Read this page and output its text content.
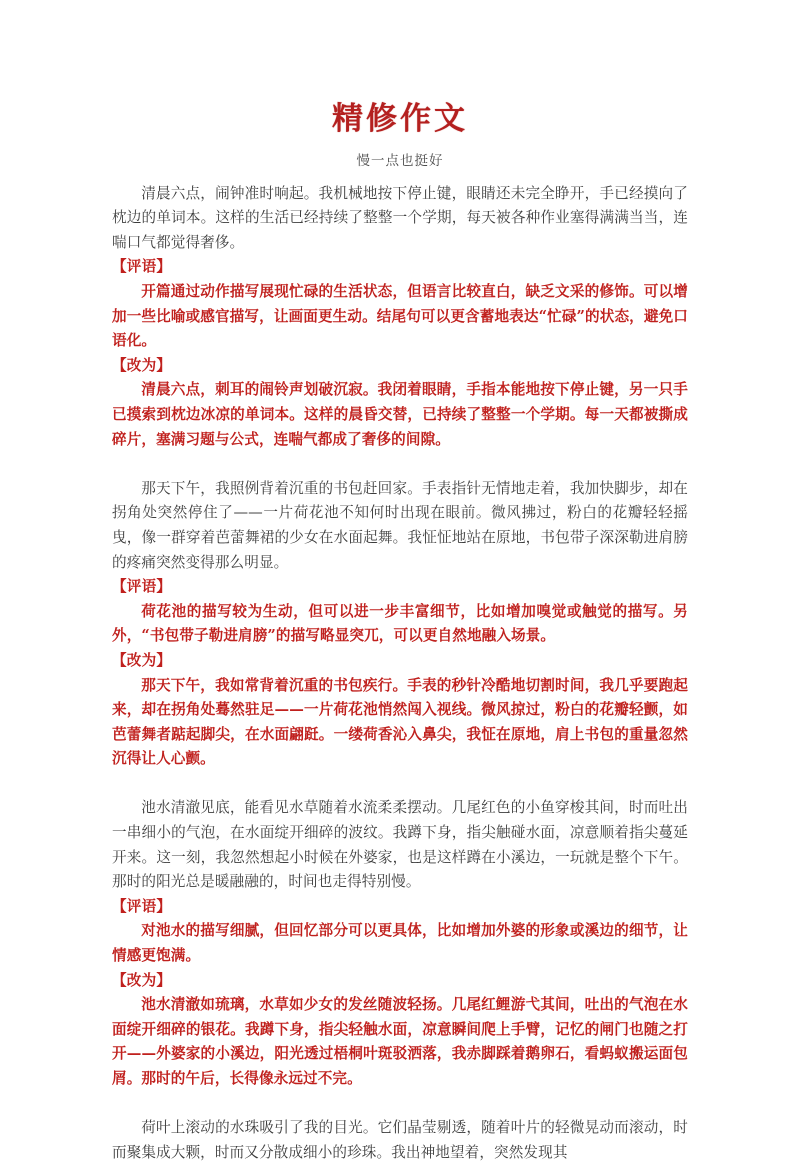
精修作文
慢一点也挺好

清晨六点，闹钟准时响起。我机械地按下停止键，眼睛还未完全睁开，手已经摸向了枕边的单词本。这样的生活已经持续了整整一个学期，每天被各种作业塞得满满当当，连喘口气都觉得奢侈。

【评语】

开篇通过动作描写展现忙碌的生活状态，但语言比较直白，缺乏文采的修饰。可以增加一些比喻或感官描写，让画面更生动。结尾句可以更含蓄地表达“忙碌”的状态，避免口语化。

【改为】

清晨六点，刺耳的闹铃声划破沉寂。我闭着眼睛，手指本能地按下停止键，另一只手已摸索到枕边冰凉的单词本。这样的晨昏交替，已持续了整整一个学期。每一天都被撕成碎片，塞满习题与公式，连喘气都成了奢侈的间隙。

那天下午，我照例背着沉重的书包赶回家。手表指针无情地走着，我加快脚步，却在拐角处突然停住了——一片荷花池不知何时出现在眼前。微风拂过，粉白的花瓣轻轻摇曳，像一群穿着芭蕾舞裙的少女在水面起舞。我怔怔地站在原地，书包带子深深勒进肩膀的疼痛突然变得那么明显。

【评语】

荷花池的描写较为生动，但可以进一步丰富细节，比如增加嗅觉或触觉的描写。另外，“书包带子勒进肩膀”的描写略显突兀，可以更自然地融入场景。

【改为】

那天下午，我如常背着沉重的书包疾行。手表的秒针冷酷地切割时间，我几乎要跑起来，却在拐角处蓦然驻足——一片荷花池悄然闯入视线。微风掠过，粉白的花瓣轻颤，如芭蕾舞者踮起脚尖，在水面翩跹。一缕荷香沁入鼻尖，我怔在原地，肩上书包的重量忽然沉得让人心颤。

池水清澈见底，能看见水草随着水流柔柔摆动。几尾红色的小鱼穿梭其间，时而吐出一串细小的气泡，在水面绽开细碎的波纹。我蹲下身，指尖触碰水面，凉意顺着指尖蔓延开来。这一刻，我忽然想起小时候在外婆家，也是这样蹲在小溪边，一玩就是整个下午。那时的阳光总是暖融融的，时间也走得特别慢。

【评语】

对池水的描写细腻，但回忆部分可以更具体，比如增加外婆的形象或溪边的细节，让情感更饱满。

【改为】

池水清澈如琉璃，水草如少女的发丝随波轻扬。几尾红鲤游弋其间，吐出的气泡在水面绽开细碎的银花。我蹲下身，指尖轻触水面，凉意瞬间爬上手臂，记忆的闸门也随之打开——外婆家的小溪边，阳光透过梧桐叶斑驳洒落，我赤脚踩着鹅卵石，看蚂蚁搬运面包屑。那时的午后，长得像永远过不完。

荷叶上滚动的水珠吸引了我的目光。它们晶莹剔透，随着叶片的轻微晃动而滚动，时而聚集成大颗，时而又分散成细小的珍珠。我出神地望着，突然发现其
